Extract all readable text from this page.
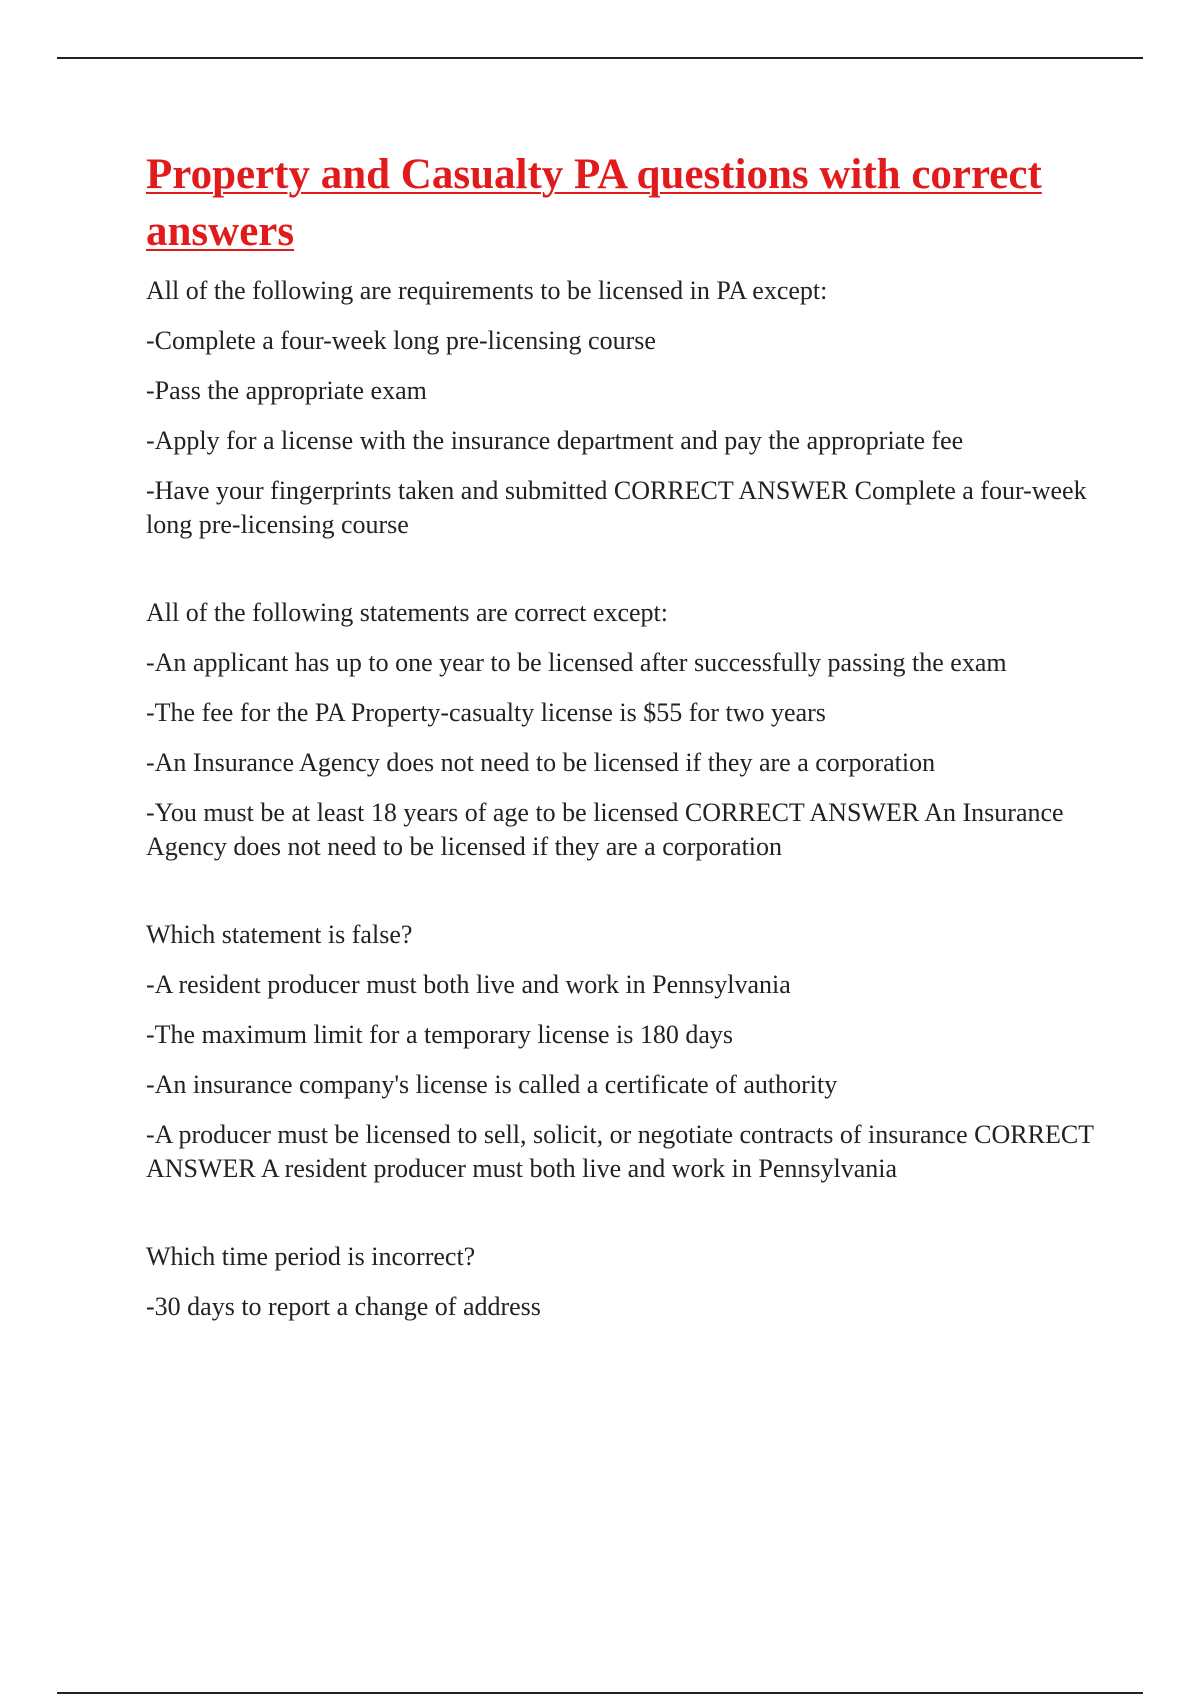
Property and Casualty PA questions with correct answers

All of the following are requirements to be licensed in PA except:

-Complete a four-week long pre-licensing course

-Pass the appropriate exam

-Apply for a license with the insurance department and pay the appropriate fee

-Have your fingerprints taken and submitted CORRECT ANSWER Complete a four-week long pre-licensing course

All of the following statements are correct except:

-An applicant has up to one year to be licensed after successfully passing the exam

-The fee for the PA Property-casualty license is $55 for two years

-An Insurance Agency does not need to be licensed if they are a corporation

-You must be at least 18 years of age to be licensed CORRECT ANSWER An Insurance Agency does not need to be licensed if they are a corporation

Which statement is false?

-A resident producer must both live and work in Pennsylvania

-The maximum limit for a temporary license is 180 days

-An insurance company's license is called a certificate of authority

-A producer must be licensed to sell, solicit, or negotiate contracts of insurance CORRECT ANSWER A resident producer must both live and work in Pennsylvania

Which time period is incorrect?

-30 days to report a change of address
